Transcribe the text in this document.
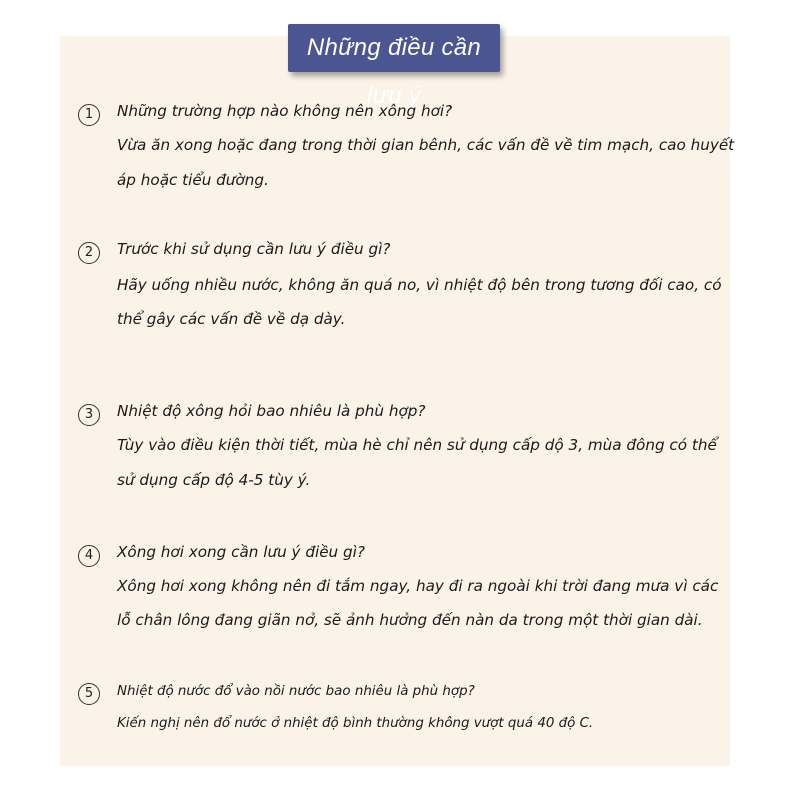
Những điều cần lưu ý
1	Những trường hợp nào không nên xông hơi?
Vừa ăn xong hoặc đang trong thời gian bênh, các vấn đề về tim mạch, cao huyết
áp hoặc tiểu đường.
2	Trước khi sử dụng cần lưu ý điều gì?
Hãy uống nhiều nước, không ăn quá no, vì nhiệt độ bên trong tương đối cao, có
thể gây các vấn đề về dạ dày.
3	Nhiệt độ xông hỏi bao nhiêu là phù hợp?
Tùy vào điều kiện thời tiết, mùa hè chỉ nên sử dụng cấp dộ 3, mùa đông có thể
sử dụng cấp độ 4-5 tùy ý.
4	Xông hơi xong cần lưu ý điều gì?
Xông hơi xong không nên đi tắm ngay, hay đi ra ngoài khi trời đang mưa vì các
lỗ chân lông đang giãn nở, sẽ ảnh hưởng đến nàn da trong một thời gian dài.
5	Nhiệt độ nước đổ vào nồi nước bao nhiêu là phù hợp?
Kiến nghị nên đổ nước ở nhiệt độ bình thường không vượt quá 40 độ C.
